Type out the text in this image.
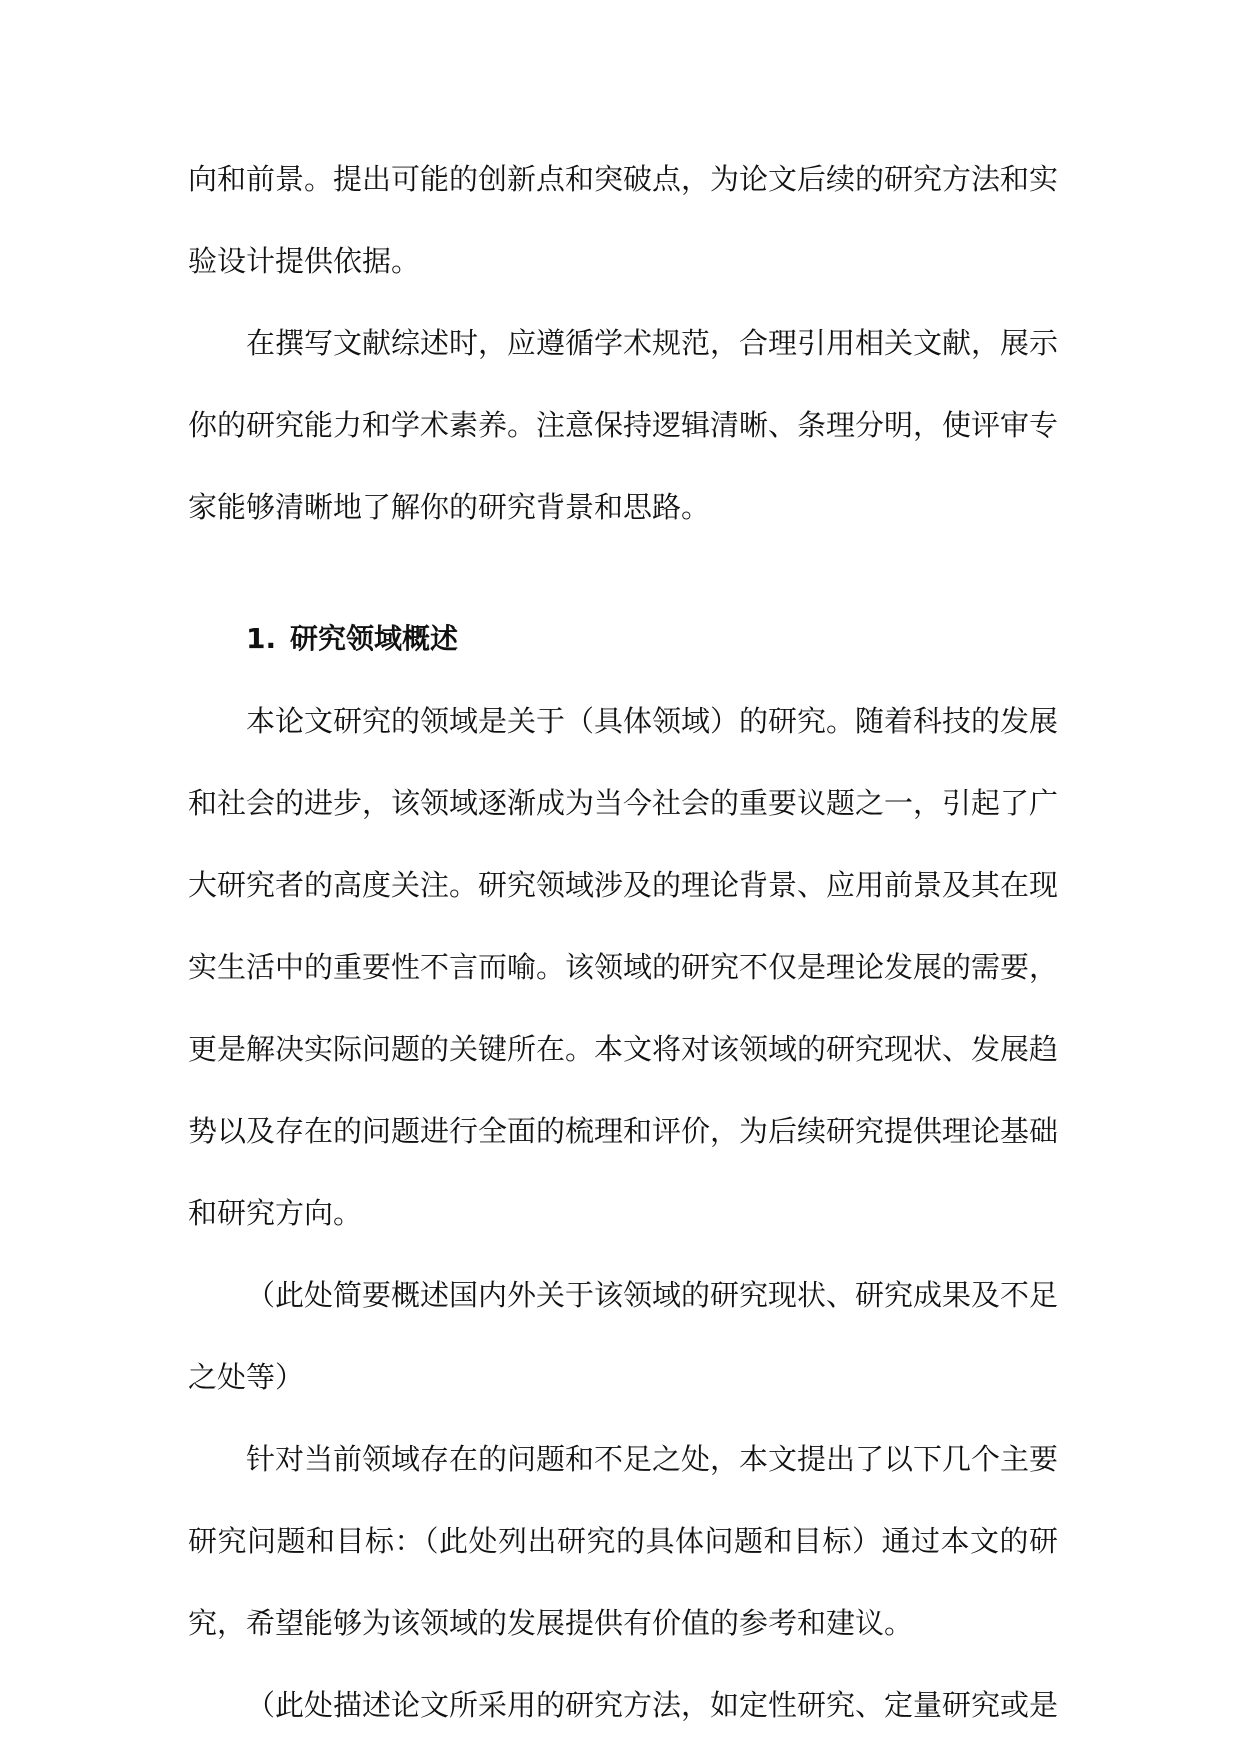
向和前景。提出可能的创新点和突破点，为论文后续的研究方法和实验设计提供依据。

在撰写文献综述时，应遵循学术规范，合理引用相关文献，展示你的研究能力和学术素养。注意保持逻辑清晰、条理分明，使评审专家能够清晰地了解你的研究背景和思路。

1. 研究领域概述

本论文研究的领域是关于（具体领域）的研究。随着科技的发展和社会的进步，该领域逐渐成为当今社会的重要议题之一，引起了广大研究者的高度关注。研究领域涉及的理论背景、应用前景及其在现实生活中的重要性不言而喻。该领域的研究不仅是理论发展的需要，更是解决实际问题的关键所在。本文将对该领域的研究现状、发展趋势以及存在的问题进行全面的梳理和评价，为后续研究提供理论基础和研究方向。

（此处简要概述国内外关于该领域的研究现状、研究成果及不足之处等）

针对当前领域存在的问题和不足之处，本文提出了以下几个主要研究问题和目标：（此处列出研究的具体问题和目标）通过本文的研究，希望能够为该领域的发展提供有价值的参考和建议。

（此处描述论文所采用的研究方法，如定性研究、定量研究或是
